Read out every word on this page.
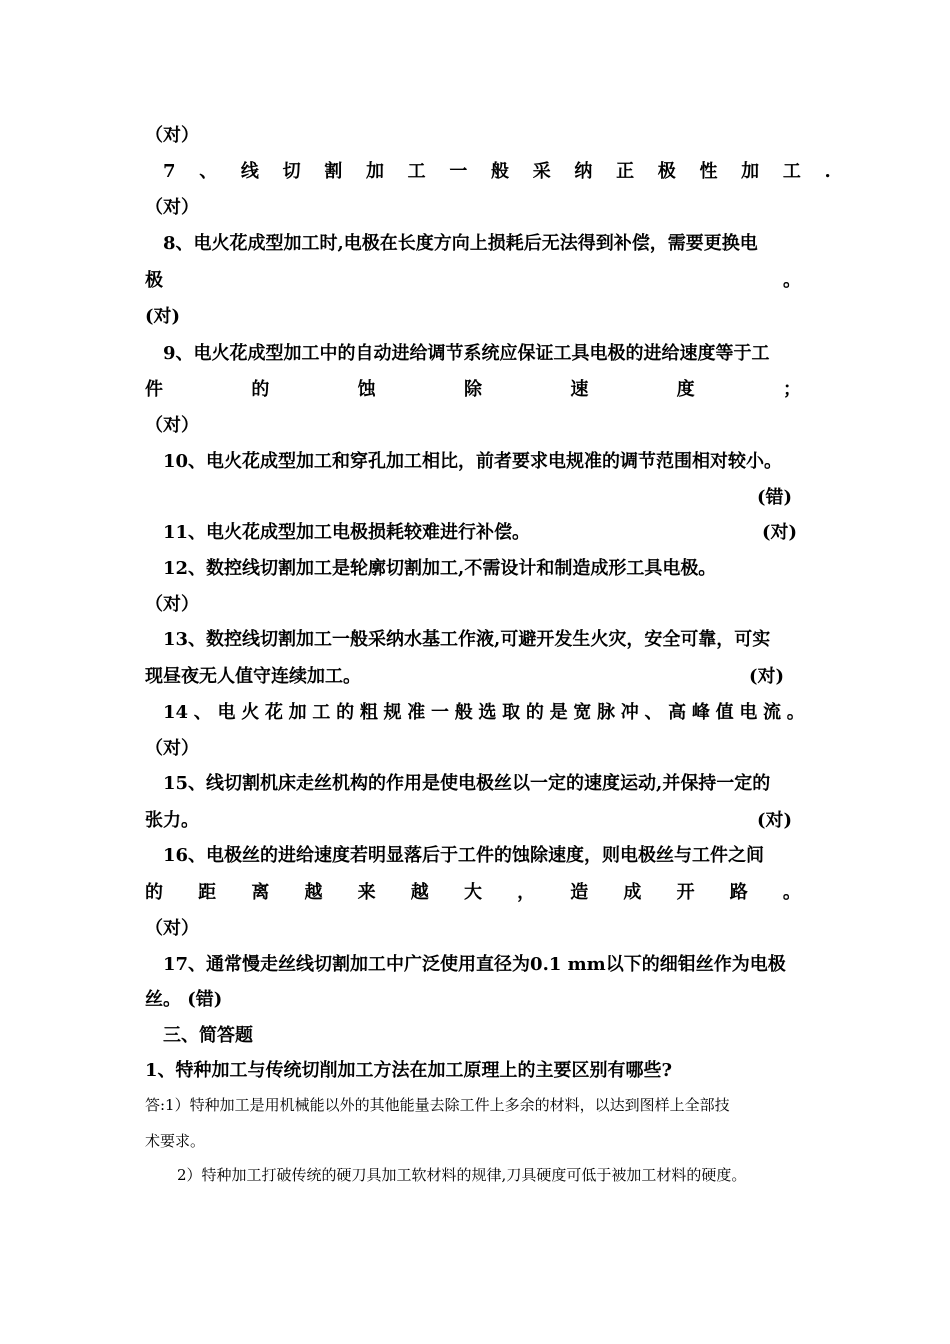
（对）
7 、 线 切 割 加 工 一 般 采 纳 正 极 性 加 工 .
（对）
8、电火花成型加工时,电极在长度方向上损耗后无法得到补偿，需要更换电
极	。
(对)
9、电火花成型加工中的自动进给调节系统应保证工具电极的进给速度等于工
件	的	蚀	除	速	度	；
（对）
10、电火花成型加工和穿孔加工相比，前者要求电规准的调节范围相对较小。
(错)
11、电火花成型加工电极损耗较难进行补偿。	(对)
12、数控线切割加工是轮廓切割加工,不需设计和制造成形工具电极。
（对）
13、数控线切割加工一般采纳水基工作液,可避开发生火灾，安全可靠，可实
现昼夜无人值守连续加工。	(对)
14 、 电 火 花 加 工 的 粗 规 准 一 般 选 取 的 是 宽 脉 冲 、 高 峰 值 电 流 。
（对）
15、线切割机床走丝机构的作用是使电极丝以一定的速度运动,并保持一定的
张力。	(对)
16、电极丝的进给速度若明显落后于工件的蚀除速度，则电极丝与工件之间
的 距 离 越 来 越 大 ， 造 成 开 路 。
（对）
17、通常慢走丝线切割加工中广泛使用直径为0.1 mm以下的细钼丝作为电极
丝。 (错)
三、简答题
1、特种加工与传统切削加工方法在加工原理上的主要区别有哪些?
答:1）特种加工是用机械能以外的其他能量去除工件上多余的材料，以达到图样上全部技
术要求。
2）特种加工打破传统的硬刀具加工软材料的规律,刀具硬度可低于被加工材料的硬度。
